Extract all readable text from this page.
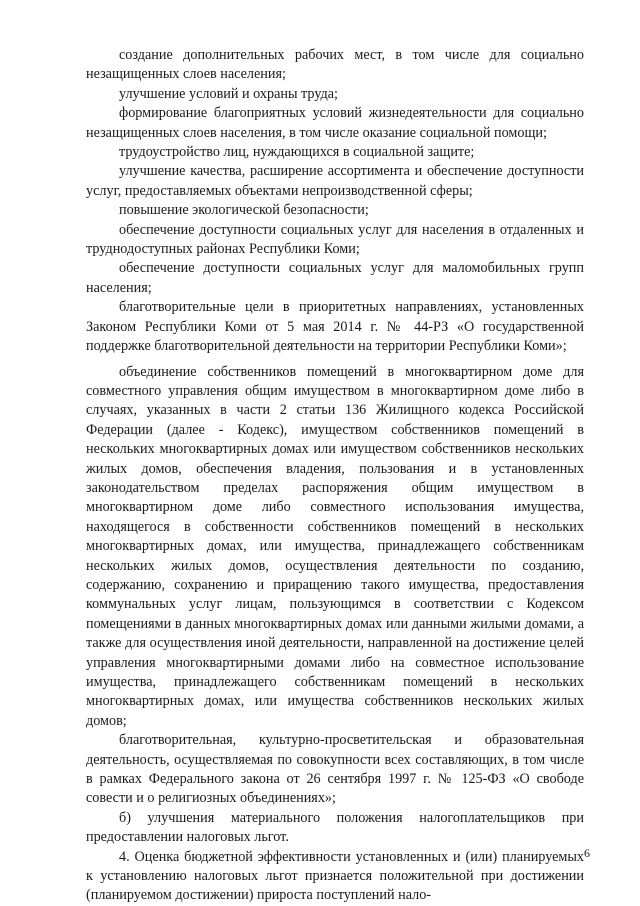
создание дополнительных рабочих мест, в том числе для социально незащищенных слоев населения;

улучшение условий и охраны труда;

формирование благоприятных условий жизнедеятельности для социально незащищенных слоев населения, в том числе оказание социальной помощи;

трудоустройство лиц, нуждающихся в социальной защите;

улучшение качества, расширение ассортимента и обеспечение доступности услуг, предоставляемых объектами непроизводственной сферы;

повышение экологической безопасности;

обеспечение доступности социальных услуг для населения в отдаленных и труднодоступных районах Республики Коми;

обеспечение доступности социальных услуг для маломобильных групп населения;

благотворительные цели в приоритетных направлениях, установленных Законом Республики Коми от 5 мая 2014 г. № 44-РЗ «О государственной поддержке благотворительной деятельности на территории Республики Коми»;

объединение собственников помещений в многоквартирном доме для совместного управления общим имуществом в многоквартирном доме либо в случаях, указанных в части 2 статьи 136 Жилищного кодекса Российской Федерации (далее - Кодекс), имуществом собственников помещений в нескольких многоквартирных домах или имуществом собственников нескольких жилых домов, обеспечения владения, пользования и в установленных законодательством пределах распоряжения общим имуществом в многоквартирном доме либо совместного использования имущества, находящегося в собственности собственников помещений в нескольких многоквартирных домах, или имущества, принадлежащего собственникам нескольких жилых домов, осуществления деятельности по созданию, содержанию, сохранению и приращению такого имущества, предоставления коммунальных услуг лицам, пользующимся в соответствии с Кодексом помещениями в данных многоквартирных домах или данными жилыми домами, а также для осуществления иной деятельности, направленной на достижение целей управления многоквартирными домами либо на совместное использование имущества, принадлежащего собственникам помещений в нескольких многоквартирных домах, или имущества собственников нескольких жилых домов;

благотворительная, культурно-просветительская и образовательная деятельность, осуществляемая по совокупности всех составляющих, в том числе в рамках Федерального закона от 26 сентября 1997 г. № 125-ФЗ «О свободе совести и о религиозных объединениях»;

б) улучшения материального положения налогоплательщиков при предоставлении налоговых льгот.

4. Оценка бюджетной эффективности установленных и (или) планируемых к установлению налоговых льгот признается положительной при достижении (планируемом достижении) прироста поступлений нало-

6
